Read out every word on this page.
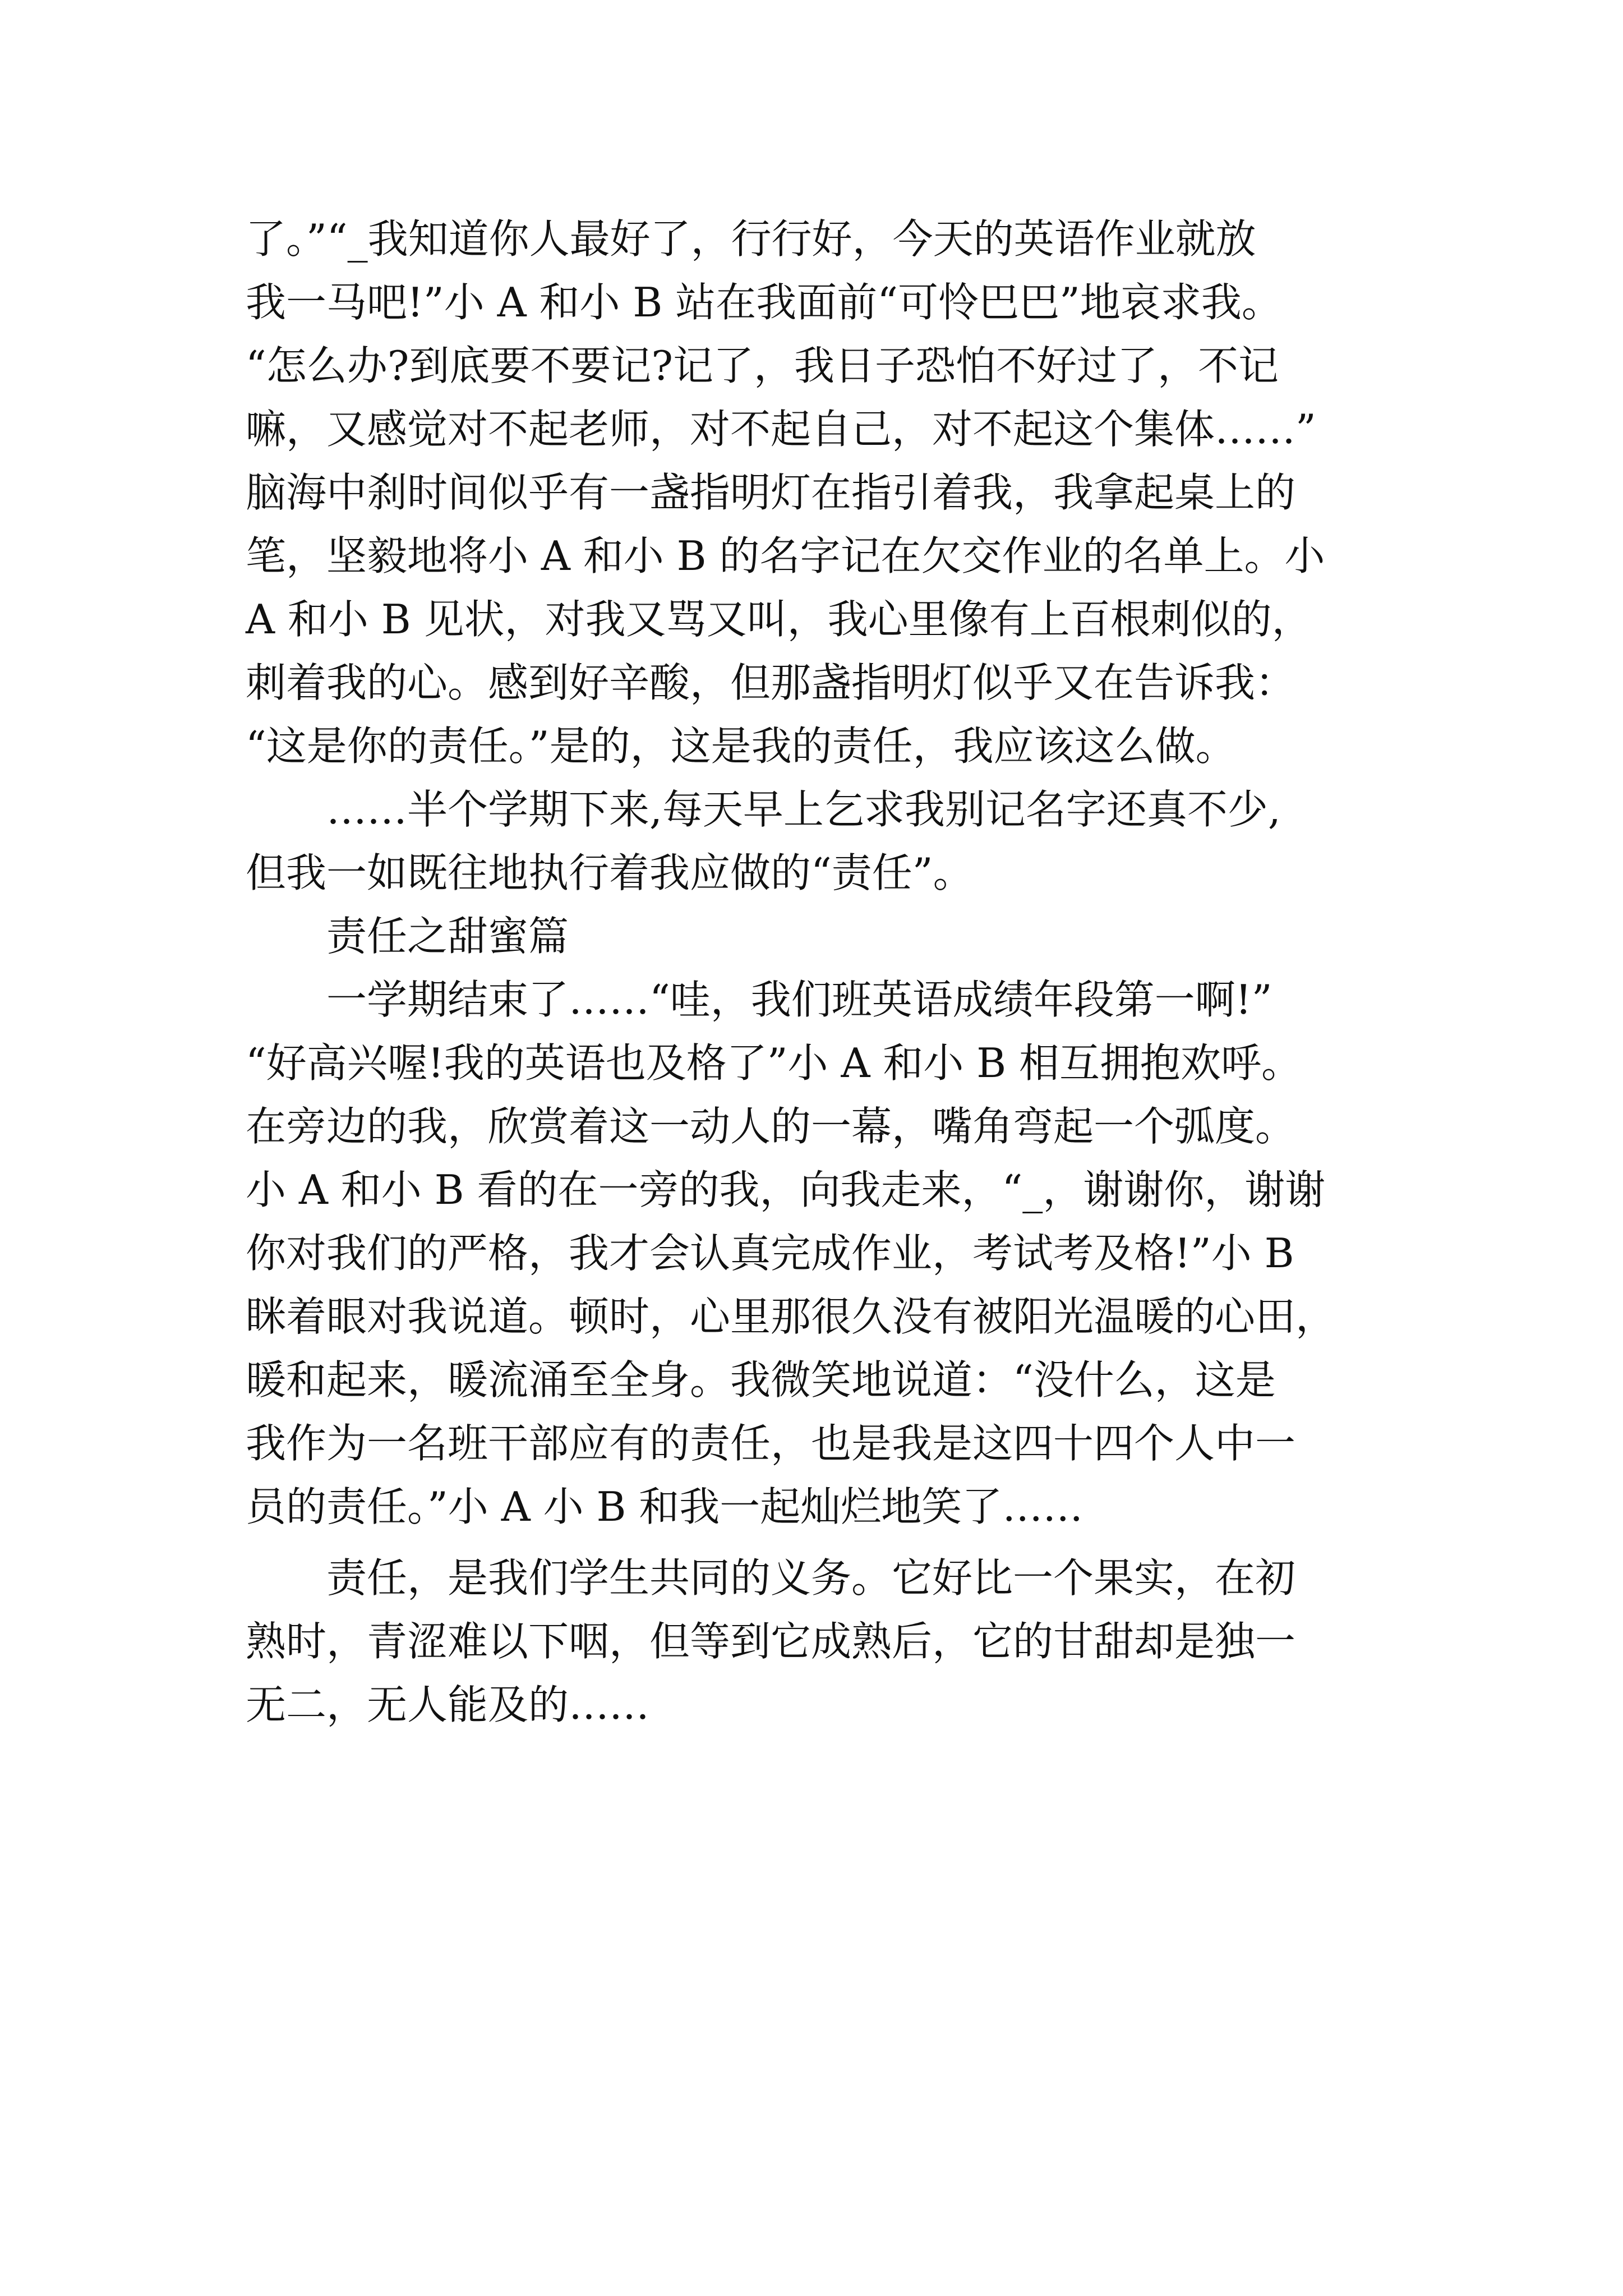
了。”“_我知道你人最好了，行行好，今天的英语作业就放
我一马吧!”小 A 和小 B 站在我面前“可怜巴巴”地哀求我。
“怎么办?到底要不要记?记了，我日子恐怕不好过了，不记
嘛，又感觉对不起老师，对不起自己，对不起这个集体……”
脑海中刹时间似乎有一盏指明灯在指引着我，我拿起桌上的
笔，坚毅地将小 A 和小 B 的名字记在欠交作业的名单上。小
A 和小 B 见状，对我又骂又叫，我心里像有上百根刺似的，
刺着我的心。感到好辛酸，但那盏指明灯似乎又在告诉我：
“这是你的责任。”是的，这是我的责任，我应该这么做。
　　……半个学期下来,每天早上乞求我别记名字还真不少,
但我一如既往地执行着我应做的“责任”。
　　责任之甜蜜篇
　　一学期结束了……“哇，我们班英语成绩年段第一啊!”
“好高兴喔!我的英语也及格了”小 A 和小 B 相互拥抱欢呼。
在旁边的我，欣赏着这一动人的一幕，嘴角弯起一个弧度。
小 A 和小 B 看的在一旁的我，向我走来，“_，谢谢你，谢谢
你对我们的严格，我才会认真完成作业，考试考及格!”小 B
眯着眼对我说道。顿时，心里那很久没有被阳光温暖的心田，
暖和起来，暖流涌至全身。我微笑地说道：“没什么，这是
我作为一名班干部应有的责任，也是我是这四十四个人中一
员的责任。”小 A 小 B 和我一起灿烂地笑了……
　　责任，是我们学生共同的义务。它好比一个果实，在初
熟时，青涩难以下咽，但等到它成熟后，它的甘甜却是独一
无二，无人能及的……
